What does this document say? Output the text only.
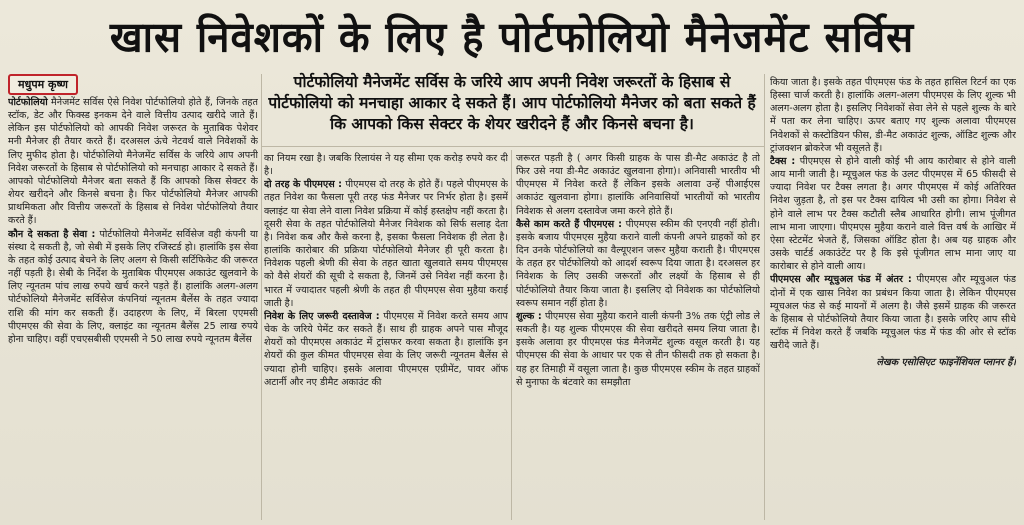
खास निवेशकों के लिए है पोर्टफोलियो मैनेजमेंट सर्विस
मधुपम कृष्ण	पोर्टफोलियो मैनेजमेंट सर्विस के जरिये आप अपनी निवेश जरूरतों के हिसाब से पोर्टफोलियो को मनचाहा आकार दे सकते हैं। आप पोर्टफोलियो मैनेजर को बता सकते हैं कि आपको किस सेक्टर के शेयर खरीदने हैं और किनसे बचना है।

पोर्टफोलियो मैनेजमेंट सर्विस ऐसे निवेश पोर्टफोलियो होते हैं, जिनके तहत स्टॉक, डेट और फिक्स्ड इनकम देने वाले वित्तीय उत्पाद खरीदे जाते हैं। लेकिन इस पोर्टफोलियो को आपकी निवेश जरूरत के मुताबिक पेशेवर मनी मैनेजर ही तैयार करते हैं। दरअसल ऊंचे नेटवर्थ वाले निवेशकों के लिए मुफीद होता है। पोर्टफोलियो मैनेजमेंट सर्विस के जरिये आप अपनी निवेश जरूरतों के हिसाब से पोर्टफोलियो को मनचाहा आकार दे सकते हैं। आपको पोर्टफोलियो मैनेजर बता सकते हैं कि आपको किस सेक्टर के शेयर खरीदने और किनसे बचना है। फिर पोर्टफोलियो मैनेजर आपकी प्राथमिकता और वित्तीय जरूरतों के हिसाब से निवेश पोर्टफोलियो तैयार करते हैं।

कौन दे सकता है सेवा : पोर्टफोलियो मैनेजमेंट सर्विसेज वही कंपनी या संस्था दे सकती है, जो सेबी में इसके लिए रजिस्टर्ड हो। हालांकि इस सेवा के तहत कोई उत्पाद बेचने के लिए अलग से किसी सर्टिफिकेट की जरूरत नहीं पड़ती है। सेबी के निर्देश के मुताबिक पीएमएस अकाउंट खुलवाने के लिए न्यूनतम पांच लाख रुपये खर्च करने पड़ते हैं। हालांकि अलग-अलग पोर्टफोलियो मैनेजमेंट सर्विसेज कंपनियां न्यूनतम बैलेंस के तहत ज्यादा राशि की मांग कर सकती हैं। उदाहरण के लिए, में बिरला एएमसी पीएमएस की सेवा के लिए, क्लाइंट का न्यूनतम बैलेंस 25 लाख रुपये होना चाहिए। वहीं एचएसबीसी एएमसी ने 50 लाख रुपये न्यूनतम बैलेंस

का नियम रखा है। जबकि रिलायंस ने यह सीमा एक करोड़ रुपये कर दी है।

दो तरह के पीएमएस : पीएमएस दो तरह के होते हैं। पहले पीएमएस के तहत निवेश का फैसला पूरी तरह फंड मैनेजर पर निर्भर होता है। इसमें क्लाइंट या सेवा लेने वाला निवेश प्रक्रिया में कोई हस्तक्षेप नहीं करता है। दूसरी सेवा के तहत पोर्टफोलियो मैनेजर निवेशक को सिर्फ सलाह देता है। निवेश कब और कैसे करना है, इसका फैसला निवेशक ही लेता है। हालांकि कारोबार की प्रक्रिया पोर्टफोलियो मैनेजर ही पूरी करता है। निवेशक पहली श्रेणी की सेवा के तहत खाता खुलवाते समय पीएमएस को वैसे शेयरों की सूची दे सकता है, जिनमें उसे निवेश नहीं करना है। भारत में ज्यादातर पहली श्रेणी के तहत ही पीएमएस सेवा मुहैया कराई जाती है।

निवेश के लिए जरूरी दस्तावेज : पीएमएस में निवेश करते समय आप चेक के जरिये पेमेंट कर सकते हैं। साथ ही ग्राहक अपने पास मौजूद शेयरों को पीएमएस अकाउंट में ट्रांसफर करवा सकता है। हालांकि इन शेयरों की कुल कीमत पीएमएस सेवा के लिए जरूरी न्यूनतम बैलेंस से ज्यादा होनी चाहिए। इसके अलावा पीएमएस एग्रीमेंट, पावर ऑफ अटार्नी और नए डीमैट अकाउंट की

जरूरत पड़ती है ( अगर किसी ग्राहक के पास डी-मैट अकाउंट है तो फिर उसे नया डी-मैट अकाउंट खुलवाना होगा)। अनिवासी भारतीय भी पीएमएस में निवेश करते हैं लेकिन इसके अलावा उन्हें पीआईएस अकाउंट खुलवाना होगा। हालांकि अनिवासियों भारतीयों को भारतीय निवेशक से अलग दस्तावेज जमा करने होते हैं।

कैसे काम करते हैं पीएमएस : पीएमएस स्कीम की एनएवी नहीं होती। इसके बजाय पीएमएस मुहैया कराने वाली कंपनी अपने ग्राहकों को हर दिन उनके पोर्टफोलियो का वैल्यूएशन जरूर मुहैया कराती है। पीएमएस के तहत हर पोर्टफोलियो को आदर्श स्वरूप दिया जाता है। दरअसल हर निवेशक के लिए उसकी जरूरतों और लक्ष्यों के हिसाब से ही पोर्टफोलियो तैयार किया जाता है। इसलिए दो निवेशक का पोर्टफोलियो स्वरूप समान नहीं होता है।

शुल्क : पीएमएस सेवा मुहैया कराने वाली कंपनी 3% तक एंट्री लोड ले सकती है। यह शुल्क पीएमएस की सेवा खरीदते समय लिया जाता है। इसके अलावा हर पीएमएस फंड मैनेजमेंट शुल्क वसूल करती है। यह पीएमएस की सेवा के आधार पर एक से तीन फीसदी तक हो सकता है। यह हर तिमाही में वसूला जाता है। कुछ पीएमएस स्कीम के तहत ग्राहकों से मुनाफा के बंटवारे का समझौता

किया जाता है। इसके तहत पीएमएस फंड के तहत हासिल रिटर्न का एक हिस्सा चार्ज करती है। हालांकि अलग-अलग पीएमएस के लिए शुल्क भी अलग-अलग होता है। इसलिए निवेशकों सेवा लेने से पहले शुल्क के बारे में पता कर लेना चाहिए। ऊपर बताए गए शुल्क अलावा पीएमएस निवेशकों से कस्टोडियन फीस, डी-मैट अकाउंट शुल्क, ऑडिट शुल्क और ट्रांजक्शन ब्रोकरेज भी वसूलते हैं।

टैक्स : पीएमएस से होने वाली कोई भी आय कारोबार से होने वाली आय मानी जाती है। म्यूचुअल फंड के उलट पीएमएस में 65 फीसदी से ज्यादा निवेश पर टैक्स लगता है। अगर पीएमएस में कोई अतिरिक्त निवेश जुड़ता है, तो इस पर टैक्स दायित्व भी उसी का होगा। निवेश से होने वाले लाभ पर टैक्स कटौती स्लैब आधारित होगी। लाभ पूंजीगत लाभ माना जाएगा। पीएमएस मुहैया कराने वाले वित्त वर्ष के आखिर में ऐसा स्टेटमेंट भेजते हैं, जिसका ऑडिट होता है। अब यह ग्राहक और उसके चार्टर्ड अकाउंटेंट पर है कि इसे पूंजीगत लाभ माना जाए या कारोबार से होने वाली आय।

पीएमएस और म्यूचुअल फंड में अंतर : पीएमएस और म्यूचुअल फंड दोनों में एक खास निवेश का प्रबंधन किया जाता है। लेकिन पीएमएस म्यूचअल फंड से कई मायनों में अलग है। जैसे इसमें ग्राहक की जरूरत के हिसाब से पोर्टफोलियो तैयार किया जाता है। इसके जरिए आप सीधे स्टॉक में निवेश करते हैं जबकि म्यूचुअल फंड में फंड की ओर से स्टॉक खरीदे जाते हैं।

लेखक एसोसिएट फाइनेंशियल प्लानर हैं।
